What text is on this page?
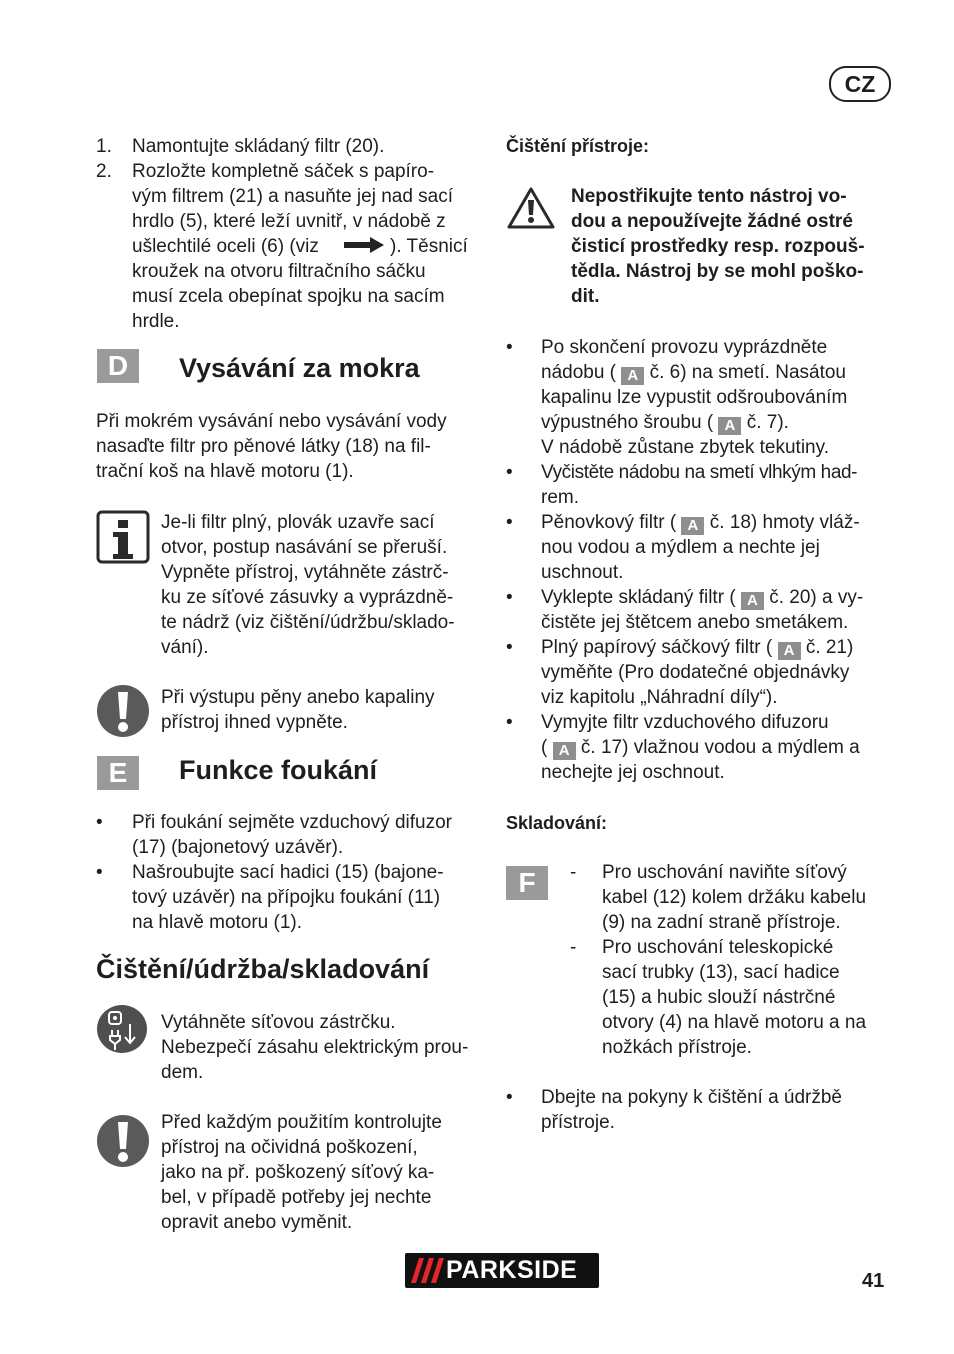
CZ
1. Namontujte skládaný filtr (20).
2. Rozložte kompletně sáček s papíro-
vým filtrem (21) a nasuňte jej nad sací
hrdlo (5), které leží uvnitř, v nádobě z
ušlechtilé oceli (6) (viz	). Těsnicí
kroužek na otvoru filtračního sáčku
musí zcela obepínat spojku na sacím
hrdle.
D	Vysávání za mokra
Při mokrém vysávání nebo vysávání vody
nasaďte filtr pro pěnové látky (18) na fil-
trační koš na hlavě motoru (1).
Je-li filtr plný, plovák uzavře sací
otvor, postup nasávání se přeruší.
Vypněte přístroj, vytáhněte zástrč-
ku ze síťové zásuvky a vyprázdně-
te nádrž (viz čištění/údržbu/sklado-
vání).
Při výstupu pěny anebo kapaliny
přístroj ihned vypněte.
E	Funkce foukání
• Při foukání sejměte vzduchový difuzor
(17) (bajonetový uzávěr).
• Našroubujte sací hadici (15) (bajone-
tový uzávěr) na přípojku foukání (11)
na hlavě motoru (1).
Čištění/údržba/skladování
Vytáhněte síťovou zástrčku.
Nebezpečí zásahu elektrickým prou-
dem.
Před každým použitím kontrolujte
přístroj na očividná poškození,
jako na př. poškozený síťový ka-
bel, v případě potřeby jej nechte
opravit anebo vyměnit.
Čištění přístroje:
Nepostřikujte tento nástroj vo-
dou a nepoužívejte žádné ostré
čisticí prostředky resp. rozpouš-
tědla. Nástroj by se mohl poško-
dit.
• Po skončení provozu vyprázdněte
nádobu ( A č. 6) na smetí. Nasátou
kapalinu lze vypustit odšroubováním
výpustného šroubu ( A č. 7).
V nádobě zůstane zbytek tekutiny.
• Vyčistěte nádobu na smetí vlhkým had-
rem.
• Pěnovkový filtr ( A č. 18) hmoty vláž-
nou vodou a mýdlem a nechte jej
uschnout.
• Vyklepte skládaný filtr ( A č. 20) a vy-
čistěte jej štětcem anebo smetákem.
• Plný papírový sáčkový filtr ( A č. 21)
vyměňte (Pro dodatečné objednávky
viz kapitolu „Náhradní díly“).
• Vymyjte filtr vzduchového difuzoru
( A č. 17) vlažnou vodou a mýdlem a
nechejte jej oschnout.
Skladování:
F	- Pro uschování naviňte síťový
kabel (12) kolem držáku kabelu
(9) na zadní straně přístroje.
- Pro uschování teleskopické
sací trubky (13), sací hadice
(15) a hubic slouží nástrčné
otvory (4) na hlavě motoru a na
nožkách přístroje.
• Dbejte na pokyny k čištění a údržbě
přístroje.
PARKSIDE	41
